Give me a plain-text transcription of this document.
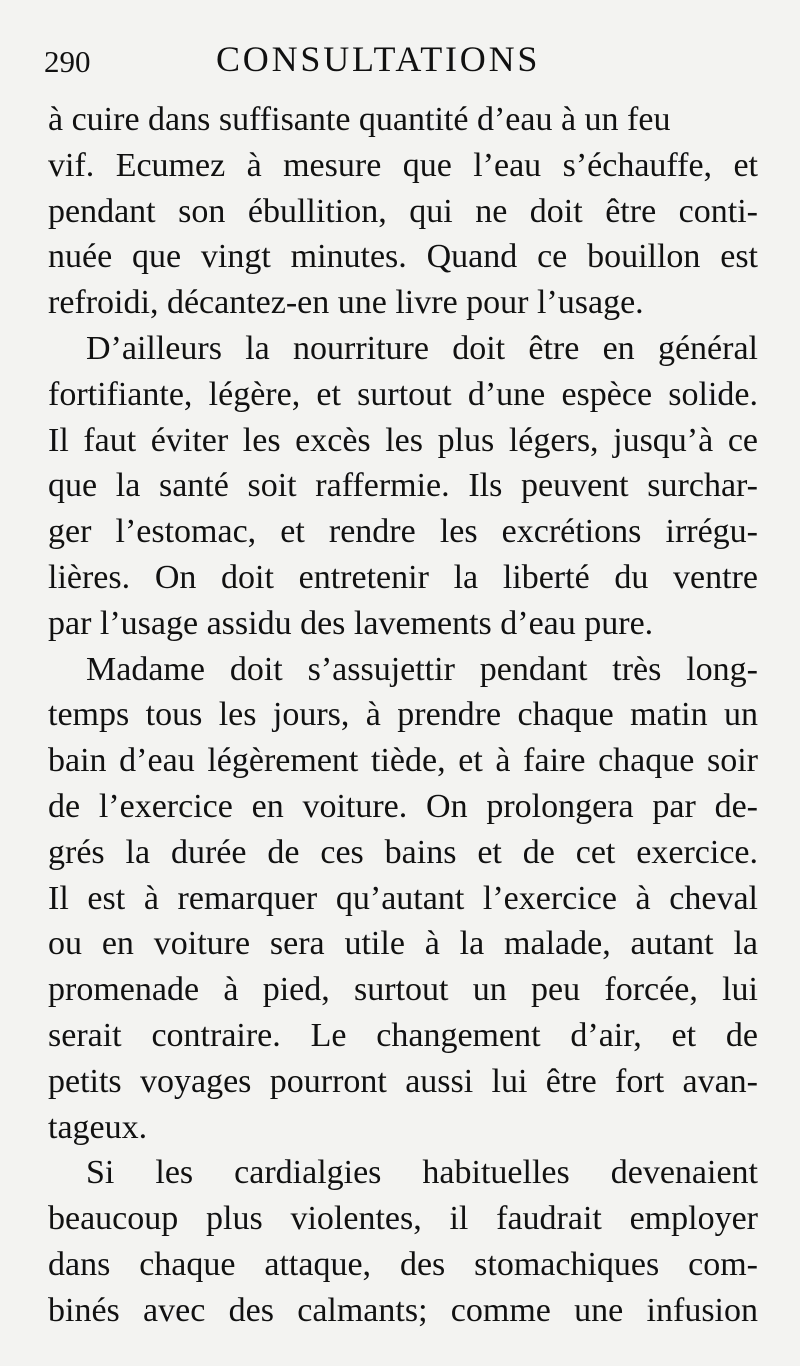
290	CONSULTATIONS
à cuire dans suffisante quantité d’eau à un feu
vif. Ecumez à mesure que l’eau s’échauffe, et
pendant son ébullition, qui ne doit être conti-
nuée que vingt minutes. Quand ce bouillon est
refroidi, décantez-en une livre pour l’usage.
D’ailleurs la nourriture doit être en général
fortifiante, légère, et surtout d’une espèce solide.
Il faut éviter les excès les plus légers, jusqu’à ce
que la santé soit raffermie. Ils peuvent surchar-
ger l’estomac, et rendre les excrétions irrégu-
lières. On doit entretenir la liberté du ventre
par l’usage assidu des lavements d’eau pure.
Madame doit s’assujettir pendant très long-
temps tous les jours, à prendre chaque matin un
bain d’eau légèrement tiède, et à faire chaque soir
de l’exercice en voiture. On prolongera par de-
grés la durée de ces bains et de cet exercice.
Il est à remarquer qu’autant l’exercice à cheval
ou en voiture sera utile à la malade, autant la
promenade à pied, surtout un peu forcée, lui
serait contraire. Le changement d’air, et de
petits voyages pourront aussi lui être fort avan-
tageux.
Si les cardialgies habituelles devenaient
beaucoup plus violentes, il faudrait employer
dans chaque attaque, des stomachiques com-
binés avec des calmants; comme une infusion
